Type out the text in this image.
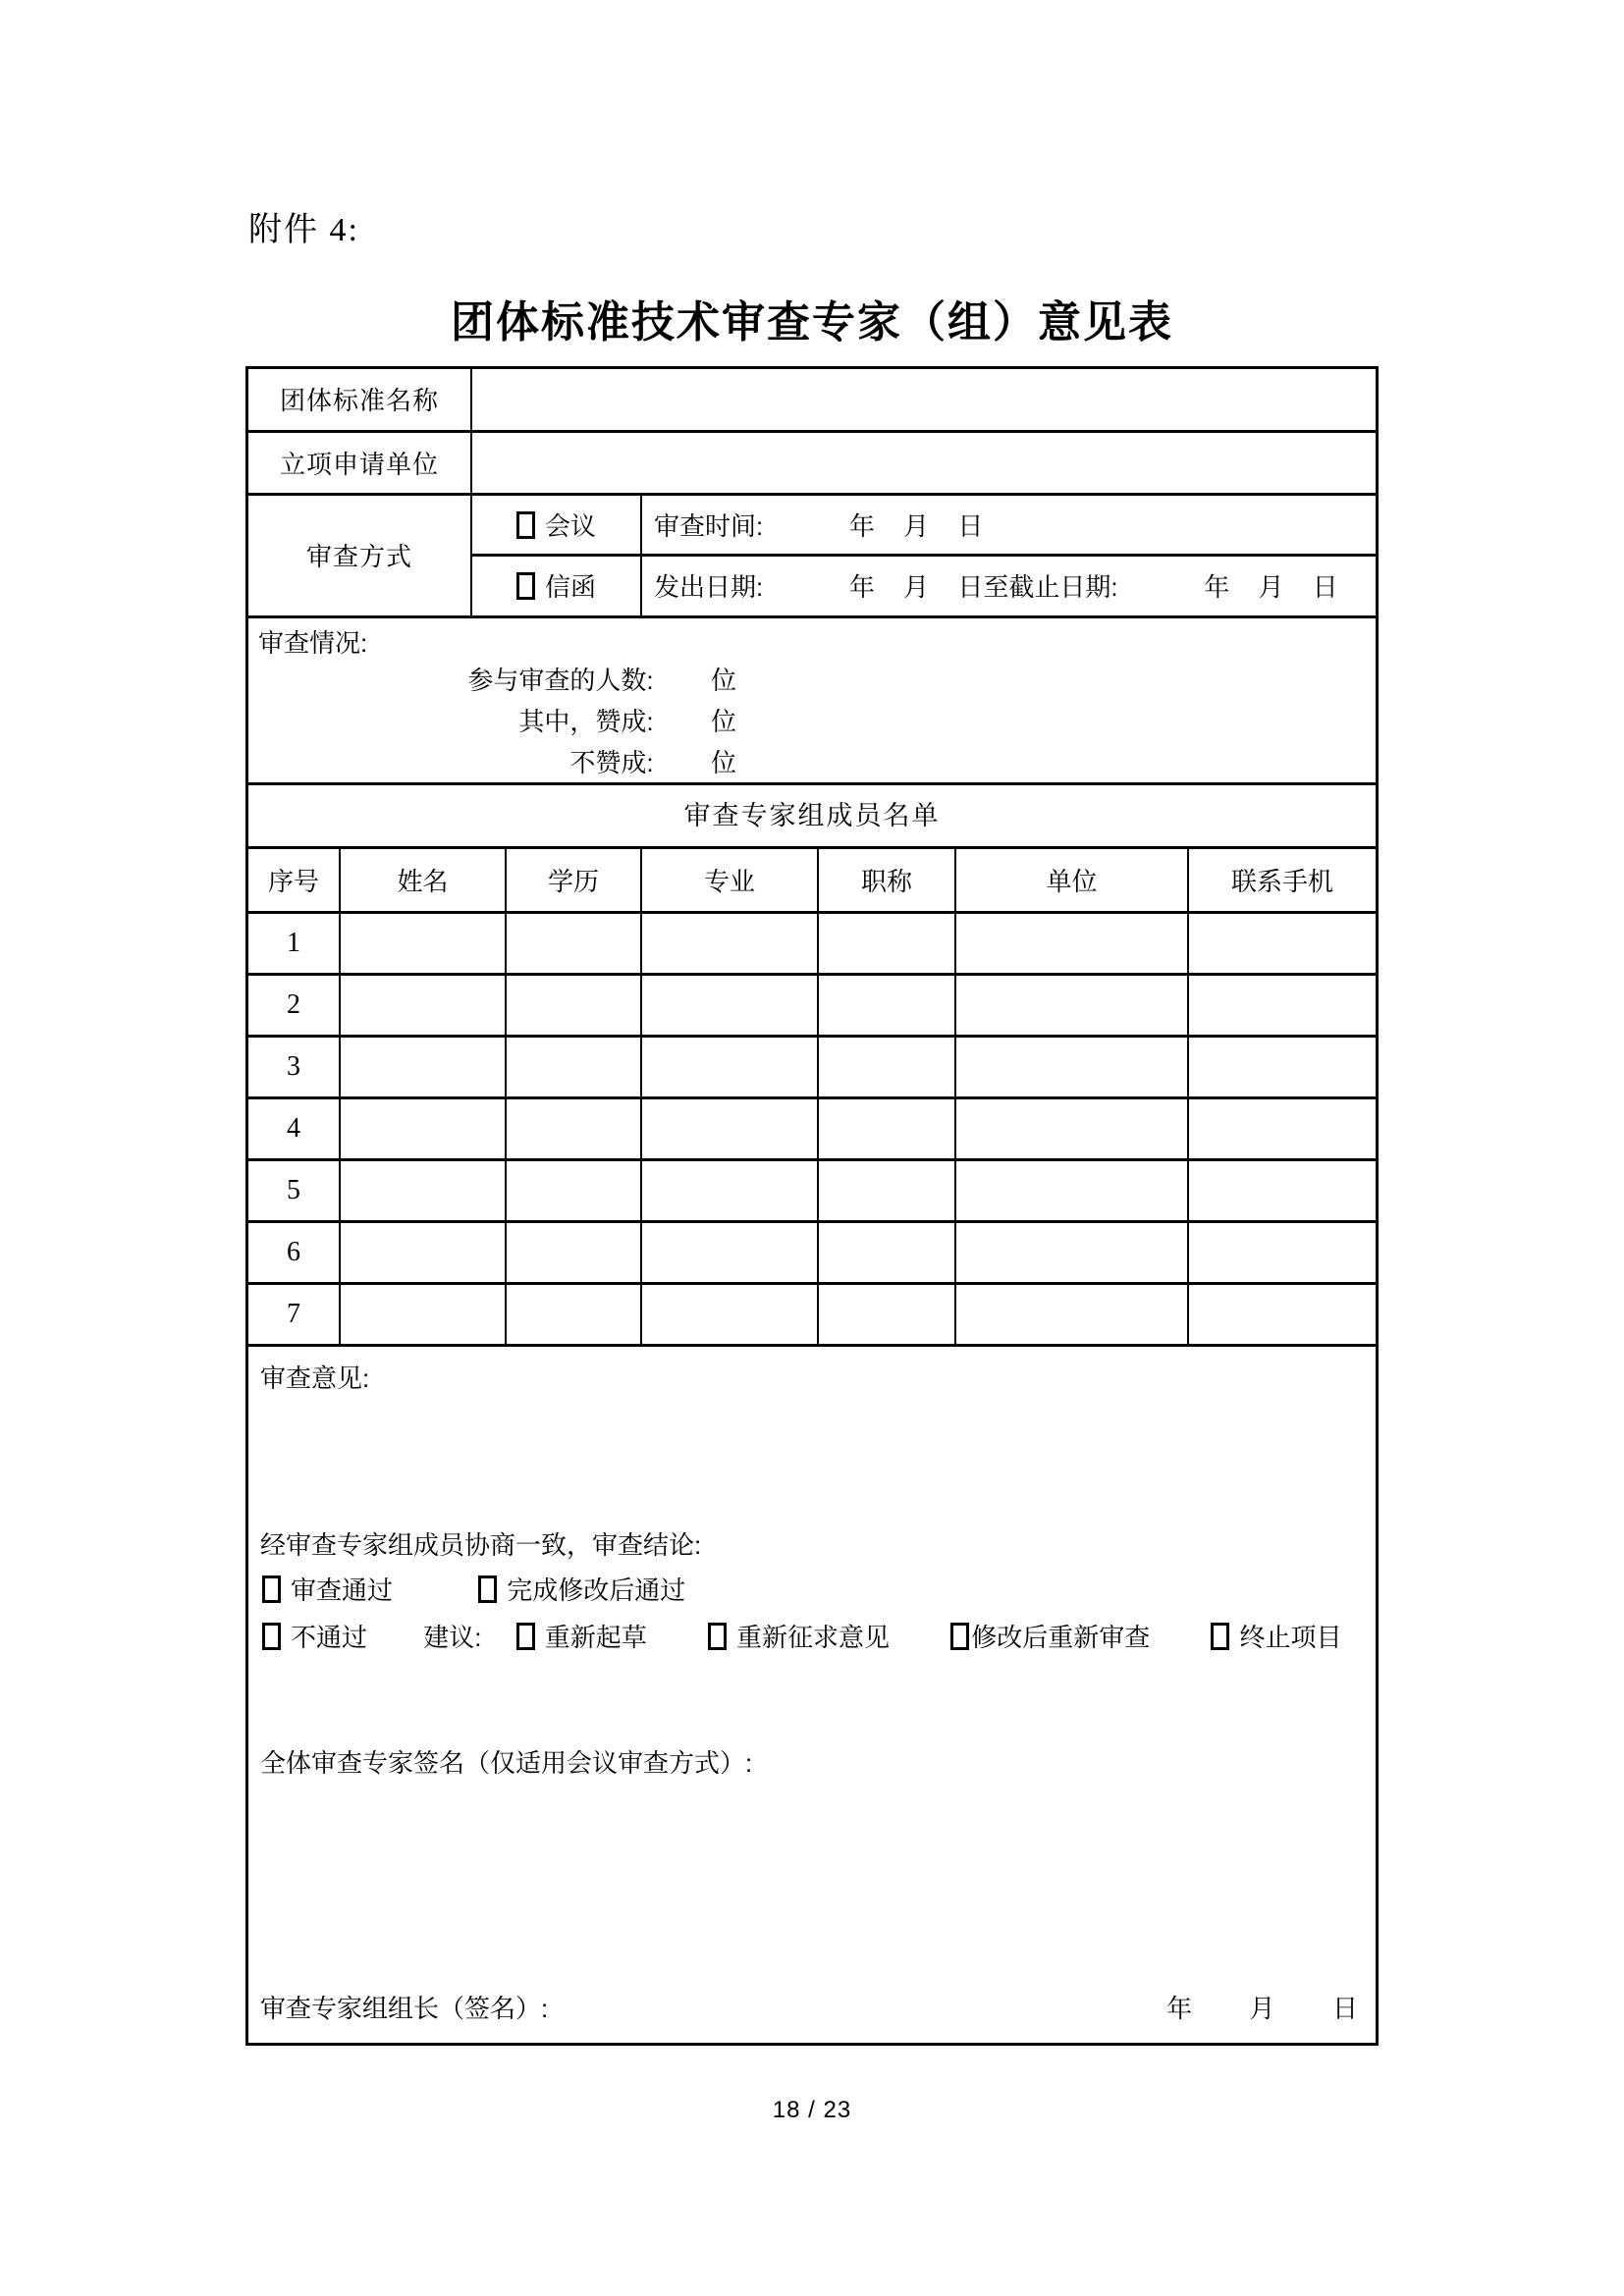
附件 4:
团体标准技术审查专家（组）意见表
团体标准名称		
立项申请单位		
审查方式	会议	审查时间:   年 月 日
	信函	发出日期:   年 月 日至截止日期:   年 月 日
审查情况:
参与审查的人数:  位
其中，赞成:  位
不赞成:  位
审查专家组成员名单
序号	姓名	学历	专业	职称	单位	联系手机
1						
2						
3						
4						
5						
6						
7						
审查意见:
经审查专家组成员协商一致，审查结论:
审查通过	完成修改后通过
不通过 建议: 重新起草	重新征求意见	修改后重新审查	终止项目
全体审查专家签名（仅适用会议审查方式）:
审查专家组组长（签名）:	年  月  日
18 / 23
